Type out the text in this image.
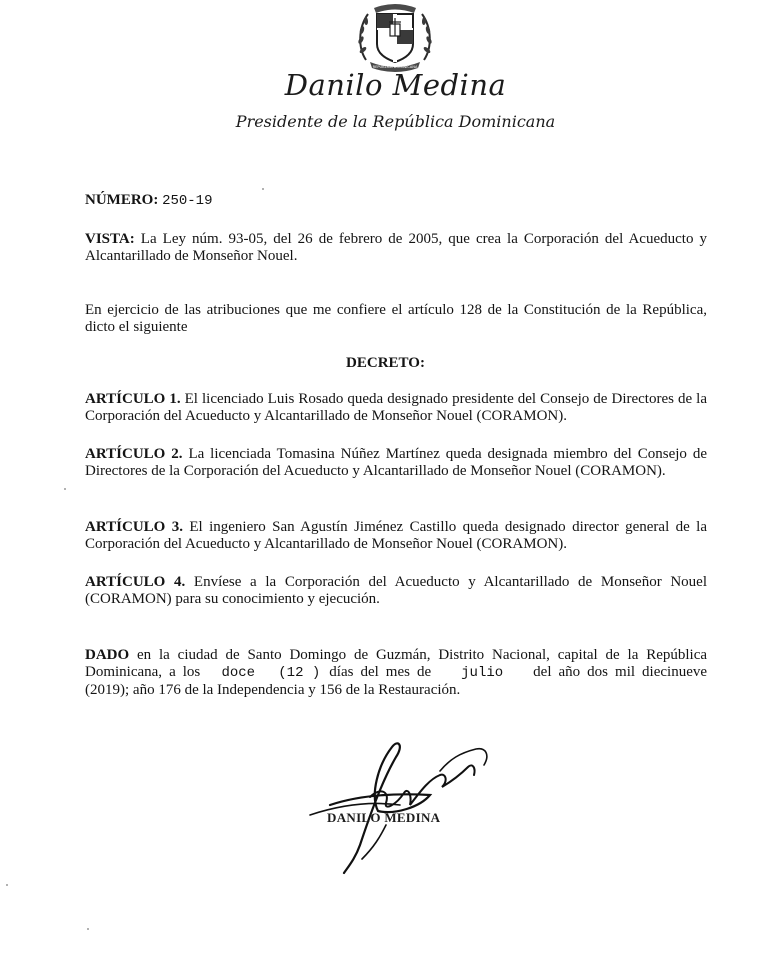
REPÚBLICA DOMINICANA
Danilo Medina
Presidente de la República Dominicana
NÚMERO: 250-19
VISTA: La Ley núm. 93-05, del 26 de febrero de 2005, que crea la Corporación del Acueducto y Alcantarillado de Monseñor Nouel.
En ejercicio de las atribuciones que me confiere el artículo 128 de la Constitución de la República, dicto el siguiente
DECRETO:
ARTÍCULO 1. El licenciado Luis Rosado queda designado presidente del Consejo de Directores de la Corporación del Acueducto y Alcantarillado de Monseñor Nouel (CORAMON).
ARTÍCULO 2. La licenciada Tomasina Núñez Martínez queda designada miembro del Consejo de Directores de la Corporación del Acueducto y Alcantarillado de Monseñor Nouel (CORAMON).
ARTÍCULO 3. El ingeniero San Agustín Jiménez Castillo queda designado director general de la Corporación del Acueducto y Alcantarillado de Monseñor Nouel (CORAMON).
ARTÍCULO 4. Envíese a la Corporación del Acueducto y Alcantarillado de Monseñor Nouel (CORAMON) para su conocimiento y ejecución.
DADO en la ciudad de Santo Domingo de Guzmán, Distrito Nacional, capital de la República Dominicana, a los doce (12 ) días del mes de julio del año dos mil diecinueve (2019); año 176 de la Independencia y 156 de la Restauración.
DANILO MEDINA
